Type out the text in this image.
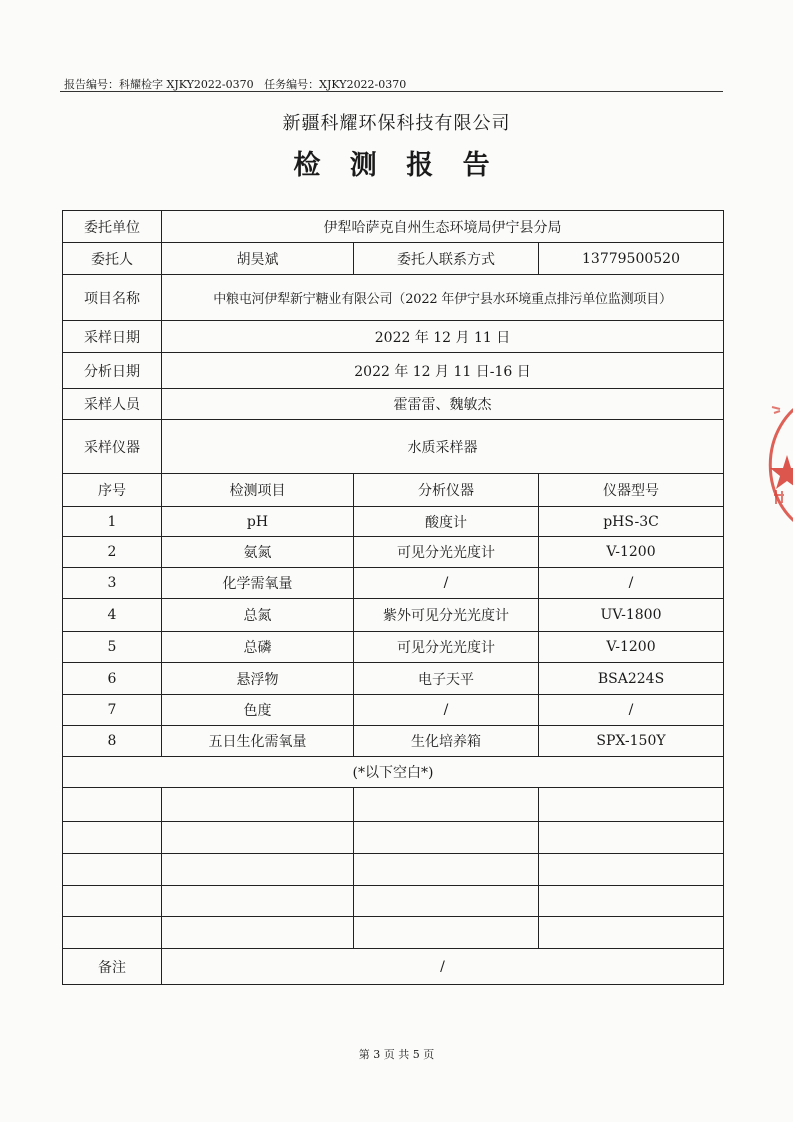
报告编号：科耀检字 XJKY2022-0370 任务编号：XJKY2022-0370
新疆科耀环保科技有限公司
检 测 报 告
委托单位	伊犁哈萨克自州生态环境局伊宁县分局		
委托人	胡昊斌	委托人联系方式	13779500520
项目名称	中粮屯河伊犁新宁糖业有限公司（2022 年伊宁县水环境重点排污单位监测项目）		
采样日期	2022 年 12 月 11 日		
分析日期	2022 年 12 月 11 日-16 日		
采样人员	霍雷雷、魏敏杰		
采样仪器	水质采样器		
序号	检测项目	分析仪器	仪器型号
1	pH	酸度计	pHS-3C
2	氨氮	可见分光光度计	V-1200
3	化学需氧量	/	/
4	总氮	紫外可见分光光度计	UV-1800
5	总磷	可见分光光度计	V-1200
6	悬浮物	电子天平	BSA224S
7	色度	/	/
8	五日生化需氧量	生化培养箱	SPX-150Y
(*以下空白*)			

备注	/		
第 3 页 共 5 页
